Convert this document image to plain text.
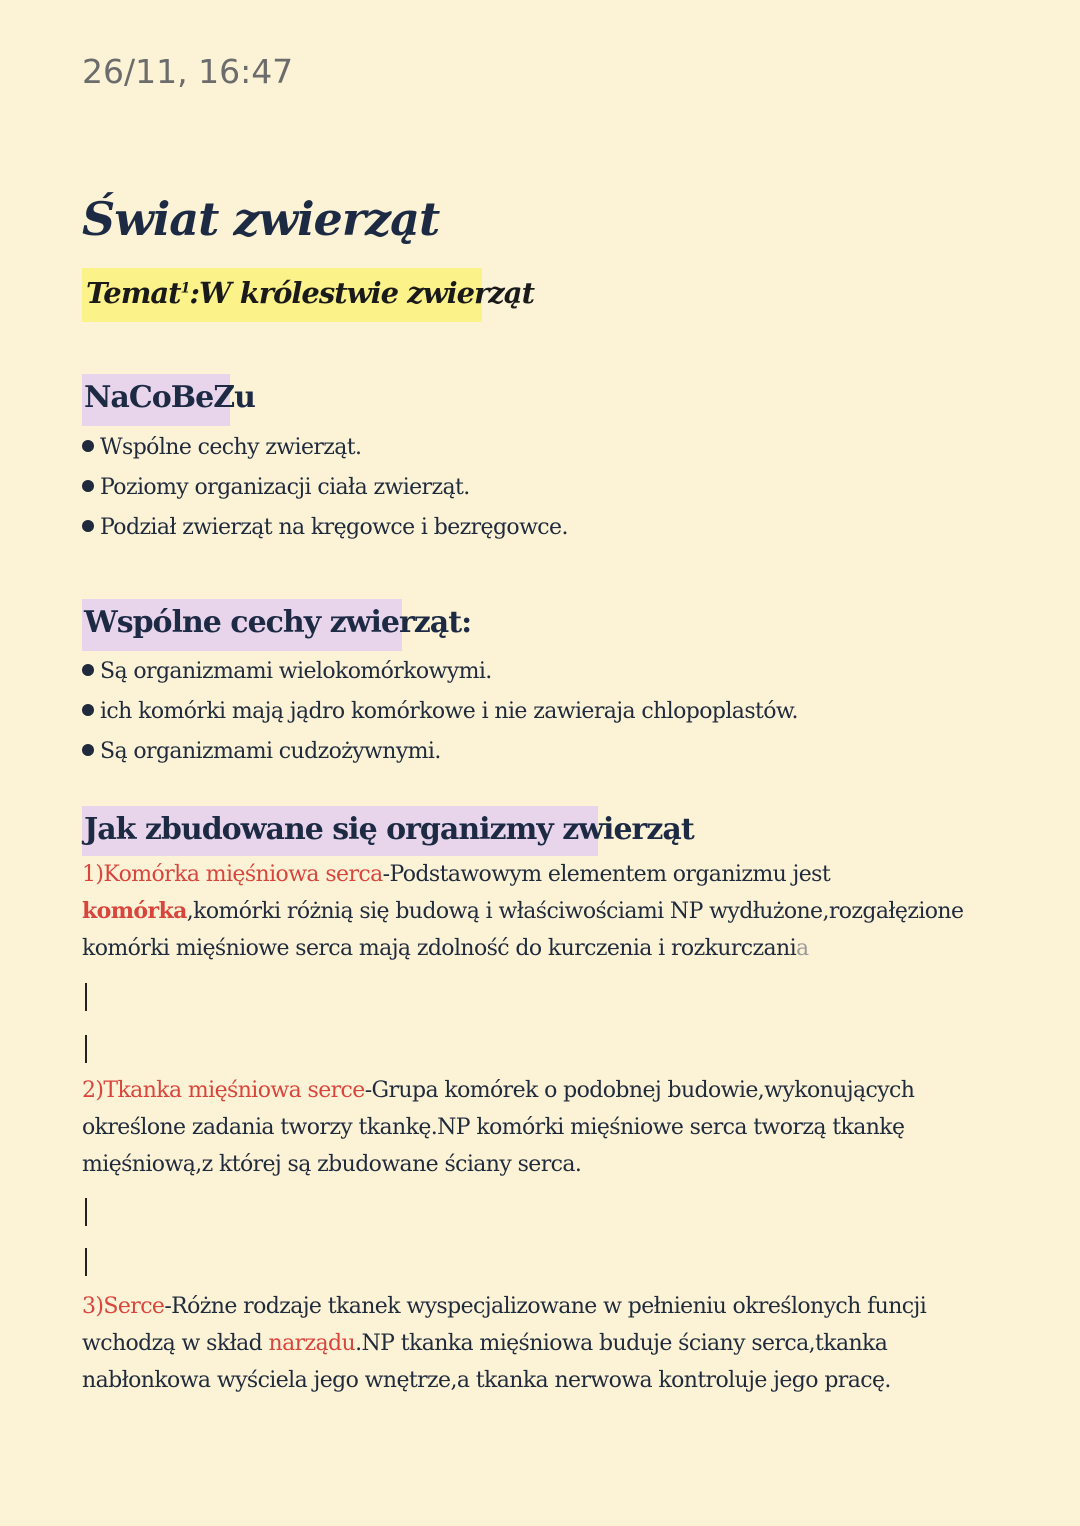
26/11, 16:47
Świat zwierząt
Temat$^1$:W królestwie zwierząt
NaCoBeZu
Wspólne cechy zwierząt.
Poziomy organizacji ciała zwierząt.
Podział zwierząt na kręgowce i bezręgowce.
Wspólne cechy zwierząt:
Są organizmami wielokomórkowymi.
ich komórki mają jądro komórkowe i nie zawieraja chlopoplastów.
Są organizmami cudzożywnymi.
Jak zbudowane się organizmy zwierząt
1)Komórka mięśniowa serca-Podstawowym elementem organizmu jest
komórka,komórki różnią się budową i właściwościami NP wydłużone,rozgałęzione
komórki mięśniowe serca mają zdolność do kurczenia i rozkurczania
2)Tkanka mięśniowa serce-Grupa komórek o podobnej budowie,wykonujących
określone zadania tworzy tkankę.NP komórki mięśniowe serca tworzą tkankę
mięśniową,z której są zbudowane ściany serca.
3)Serce-Różne rodzaje tkanek wyspecjalizowane w pełnieniu określonych funcji
wchodzą w skład narządu.NP tkanka mięśniowa buduje ściany serca,tkanka
nabłonkowa wyściela jego wnętrze,a tkanka nerwowa kontroluje jego pracę.
